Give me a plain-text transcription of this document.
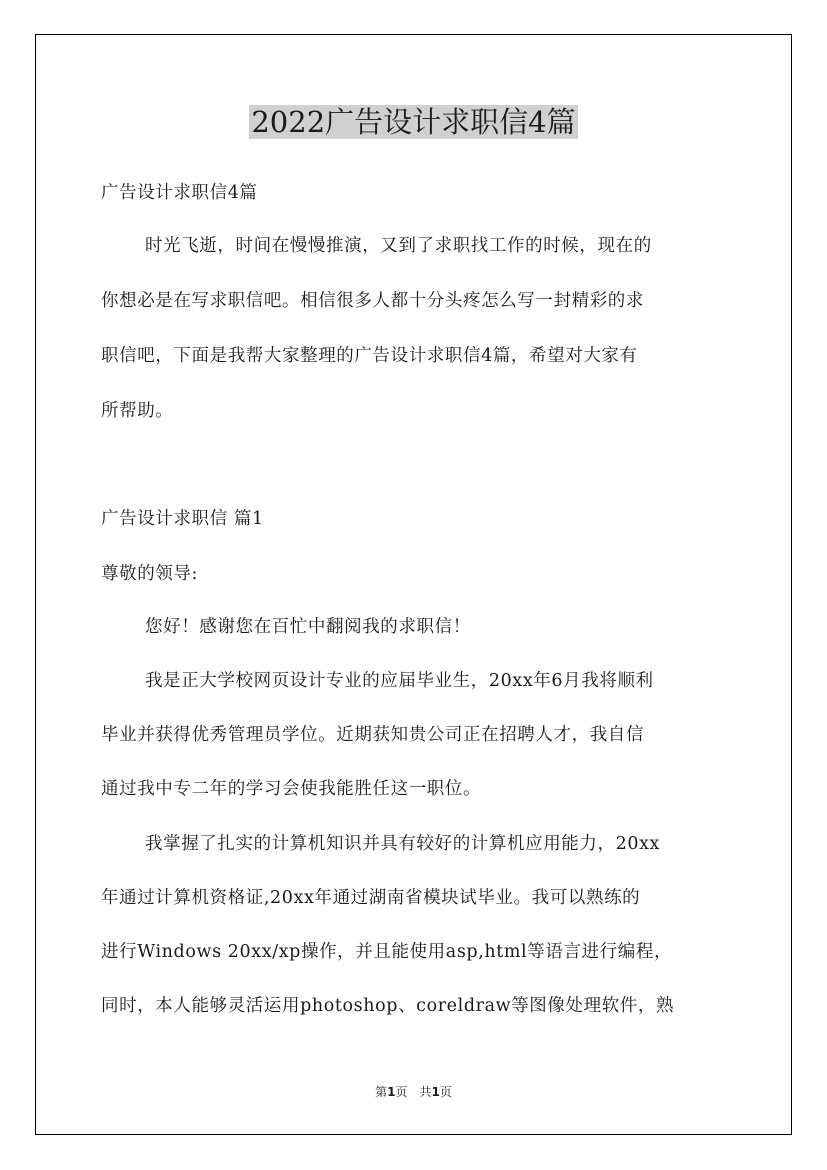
2022广告设计求职信4篇
广告设计求职信4篇
时光飞逝，时间在慢慢推演，又到了求职找工作的时候，现在的
你想必是在写求职信吧。相信很多人都十分头疼怎么写一封精彩的求
职信吧，下面是我帮大家整理的广告设计求职信4篇，希望对大家有
所帮助。
广告设计求职信 篇1
尊敬的领导:
您好！感谢您在百忙中翻阅我的求职信！
我是正大学校网页设计专业的应届毕业生，20xx年6月我将顺利
毕业并获得优秀管理员学位。近期获知贵公司正在招聘人才，我自信
通过我中专二年的学习会使我能胜任这一职位。
我掌握了扎实的计算机知识并具有较好的计算机应用能力，20xx
年通过计算机资格证,20xx年通过湖南省模块试毕业。我可以熟练的
进行Windows 20xx/xp操作，并且能使用asp,html等语言进行编程，
同时，本人能够灵活运用photoshop、coreldraw等图像处理软件，熟
第1页　共1页
